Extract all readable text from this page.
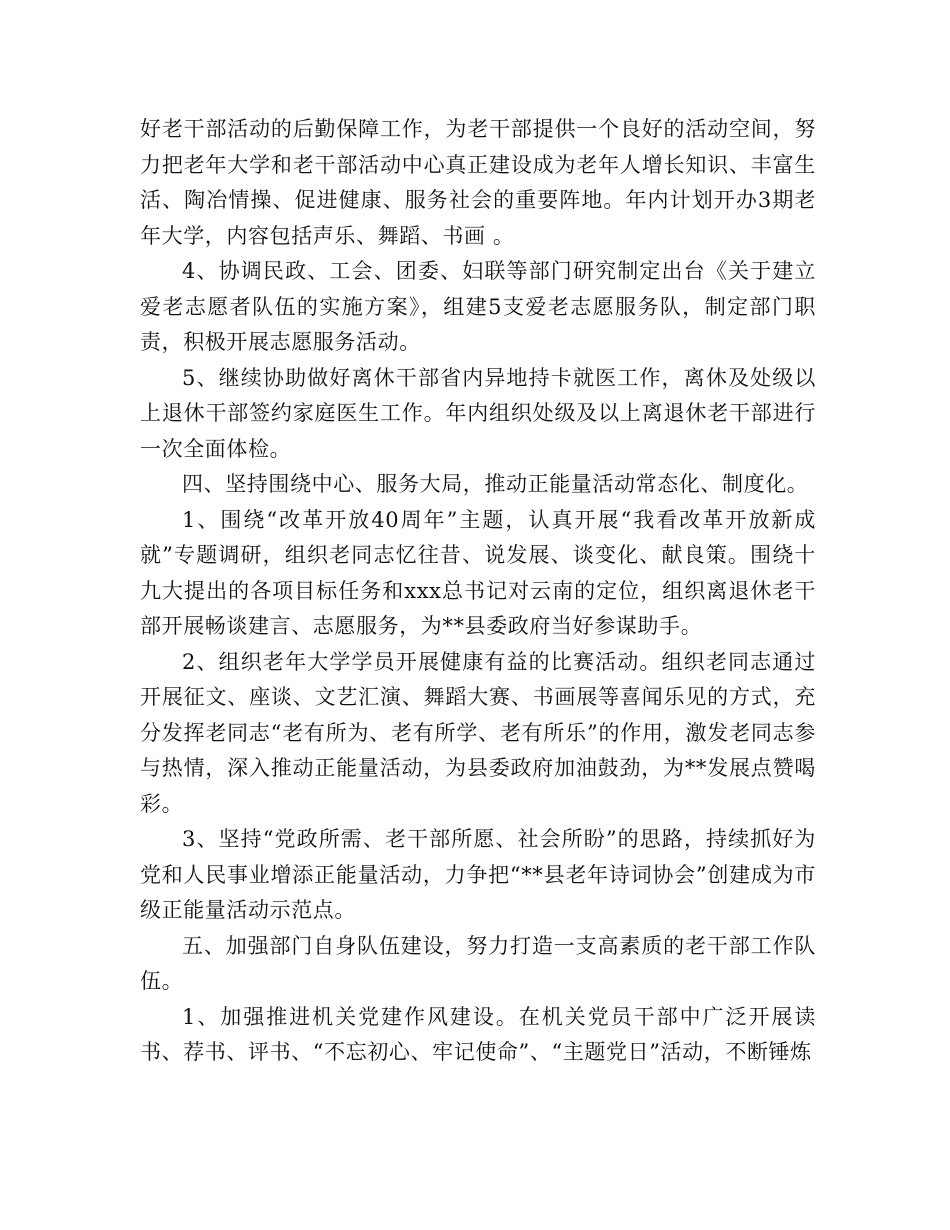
好老干部活动的后勤保障工作，为老干部提供一个良好的活动空间，努力把老年大学和老干部活动中心真正建设成为老年人增长知识、丰富生活、陶冶情操、促进健康、服务社会的重要阵地。年内计划开办3期老年大学，内容包括声乐、舞蹈、书画 。

4、协调民政、工会、团委、妇联等部门研究制定出台《关于建立爱老志愿者队伍的实施方案》，组建5支爱老志愿服务队，制定部门职责，积极开展志愿服务活动。

5、继续协助做好离休干部省内异地持卡就医工作，离休及处级以上退休干部签约家庭医生工作。年内组织处级及以上离退休老干部进行一次全面体检。

四、坚持围绕中心、服务大局，推动正能量活动常态化、制度化。

1、围绕“改革开放40周年”主题，认真开展“我看改革开放新成就”专题调研，组织老同志忆往昔、说发展、谈变化、献良策。围绕十九大提出的各项目标任务和xxx总书记对云南的定位，组织离退休老干部开展畅谈建言、志愿服务，为**县委政府当好参谋助手。

2、组织老年大学学员开展健康有益的比赛活动。组织老同志通过开展征文、座谈、文艺汇演、舞蹈大赛、书画展等喜闻乐见的方式，充分发挥老同志“老有所为、老有所学、老有所乐”的作用，激发老同志参与热情，深入推动正能量活动，为县委政府加油鼓劲，为**发展点赞喝彩。

3、坚持“党政所需、老干部所愿、社会所盼”的思路，持续抓好为党和人民事业增添正能量活动，力争把“**县老年诗词协会”创建成为市级正能量活动示范点。

五、加强部门自身队伍建设，努力打造一支高素质的老干部工作队伍。

1、加强推进机关党建作风建设。在机关党员干部中广泛开展读书、荐书、评书、“不忘初心、牢记使命”、“主题党日”活动，不断锤炼
